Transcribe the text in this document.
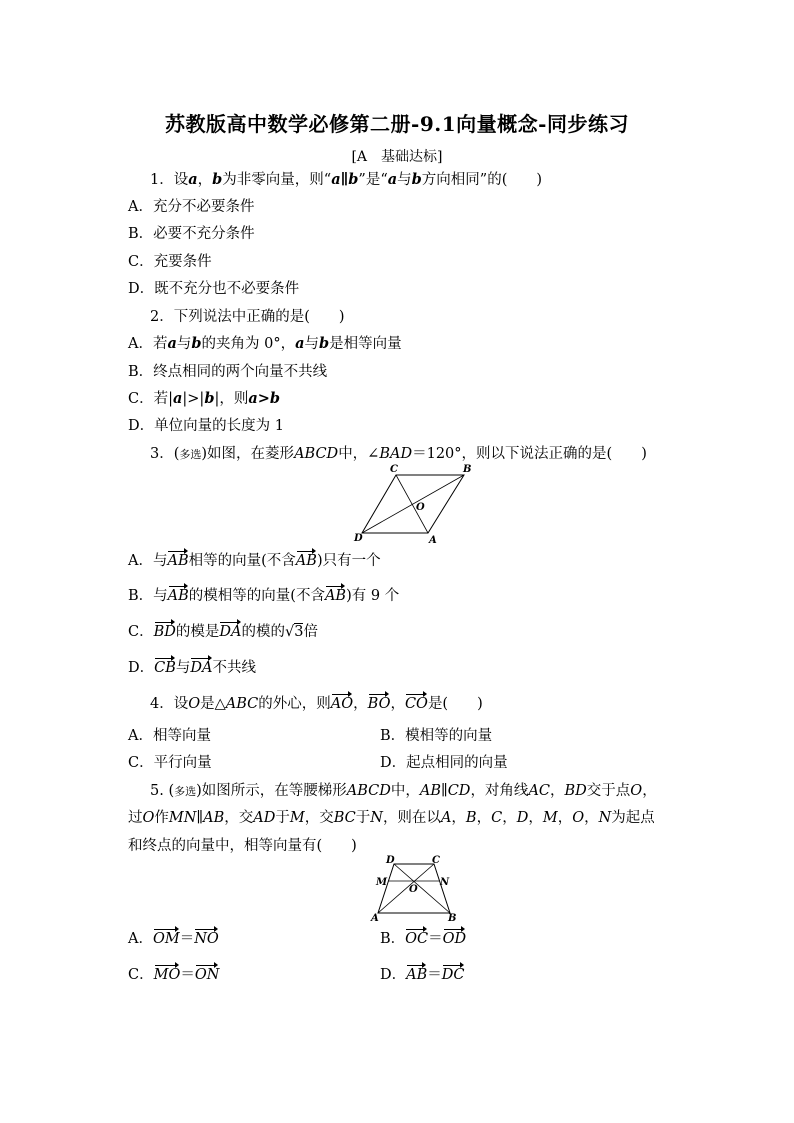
苏教版高中数学必修第二册-9.1向量概念-同步练习
[A　基础达标]
1．设a，b为非零向量，则“a∥b”是“a与b方向相同”的(　　)
A．充分不必要条件
B．必要不充分条件
C．充要条件
D．既不充分也不必要条件
2．下列说法中正确的是(　　)
A．若a与b的夹角为 0°，a与b是相等向量
B．终点相同的两个向量不共线
C．若|a|>|b|，则a>b
D．单位向量的长度为 1
3．(多选)如图，在菱形ABCD中，∠BAD＝120°，则以下说法正确的是(　　)
C	B
O
D	A
A．与AB相等的向量(不含AB)只有一个
B．与AB的模相等的向量(不含AB)有 9 个
C．BD的模是DA的模的√3倍
D．CB与DA不共线
4．设O是△ABC的外心，则AO，BO，CO是(　　)
A．相等向量	B．模相等的向量
C．平行向量	D．起点相同的向量
5. (多选)如图所示，在等腰梯形ABCD中，AB∥CD，对角线AC，BD交于点O，
过O作MN∥AB，交AD于M，交BC于N，则在以A，B，C，D，M，O，N为起点
和终点的向量中，相等向量有(　　)
D	C
M	N
O
A	B
A．OM＝NO	B．OC＝OD
C．MO＝ON	D．AB＝DC
